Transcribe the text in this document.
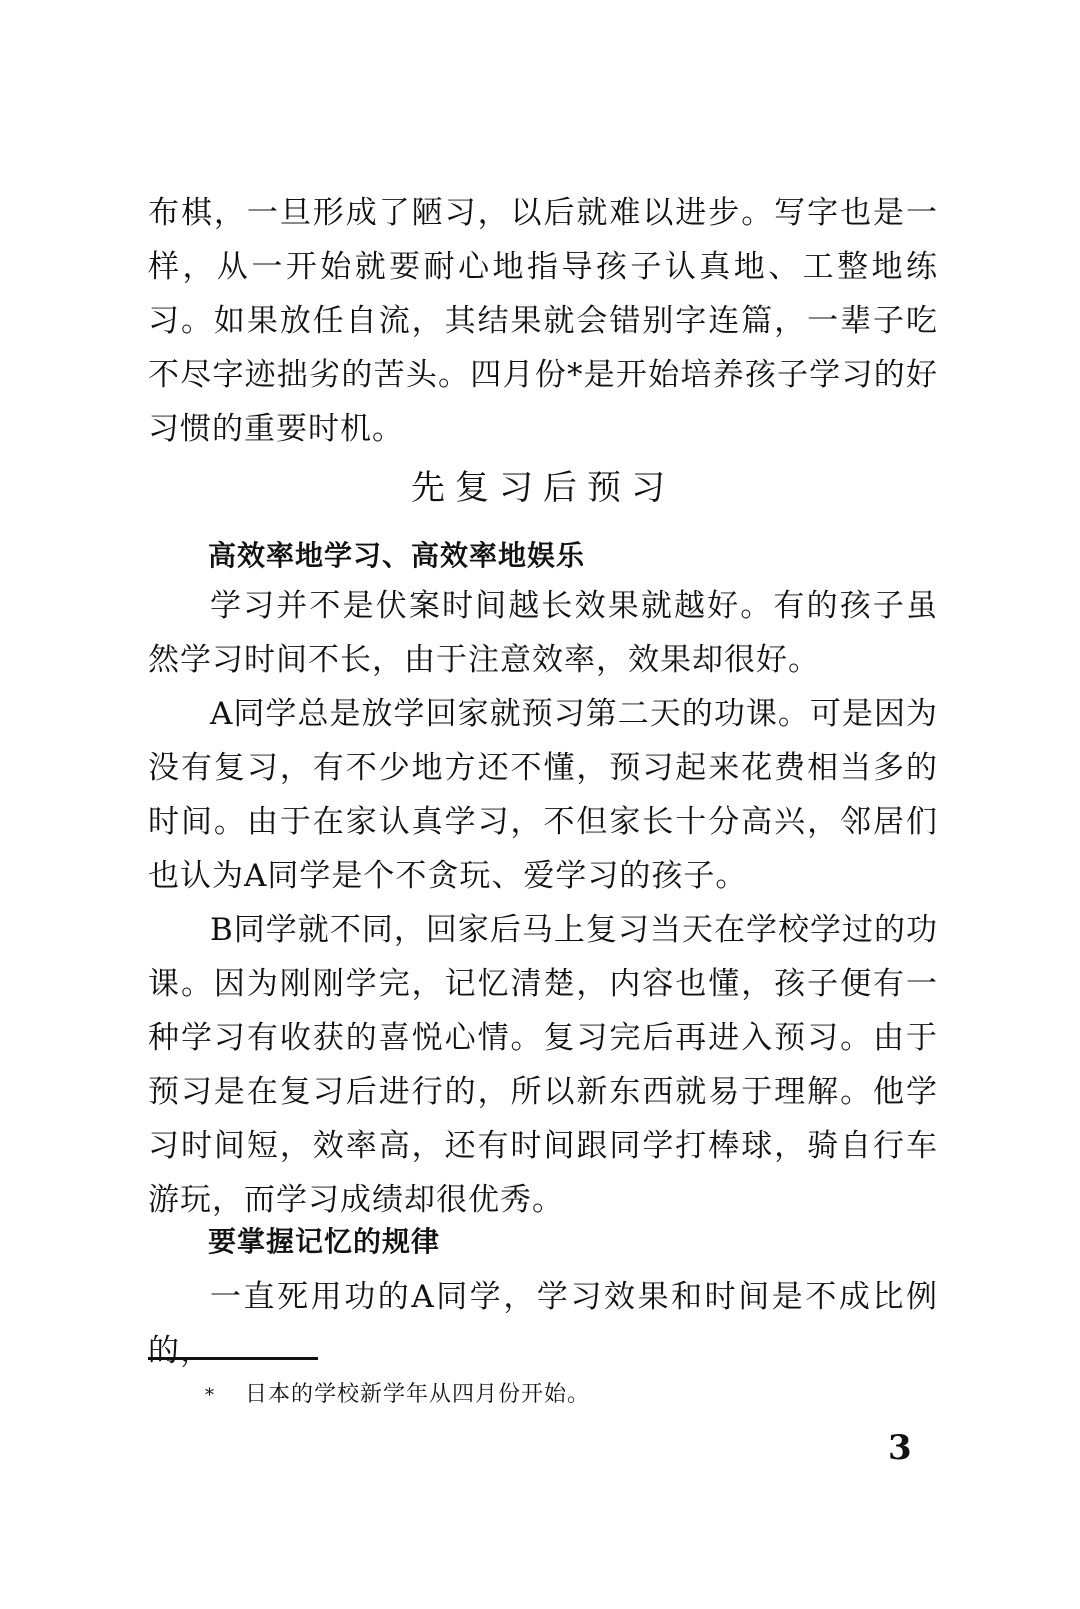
布棋，一旦形成了陋习，以后就难以进步。写字也是一样，从一开始就要耐心地指导孩子认真地、工整地练习。如果放任自流，其结果就会错别字连篇，一辈子吃不尽字迹拙劣的苦头。四月份*是开始培养孩子学习的好习惯的重要时机。

先复习后预习
高效率地学习、高效率地娱乐

学习并不是伏案时间越长效果就越好。有的孩子虽然学习时间不长，由于注意效率，效果却很好。

A同学总是放学回家就预习第二天的功课。可是因为没有复习，有不少地方还不懂，预习起来花费相当多的时间。由于在家认真学习，不但家长十分高兴，邻居们也认为A同学是个不贪玩、爱学习的孩子。

B同学就不同，回家后马上复习当天在学校学过的功课。因为刚刚学完，记忆清楚，内容也懂，孩子便有一种学习有收获的喜悦心情。复习完后再进入预习。由于预习是在复习后进行的，所以新东西就易于理解。他学习时间短，效率高，还有时间跟同学打棒球，骑自行车游玩，而学习成绩却很优秀。

要掌握记忆的规律

一直死用功的A同学，学习效果和时间是不成比例的，

* 日本的学校新学年从四月份开始。
3
